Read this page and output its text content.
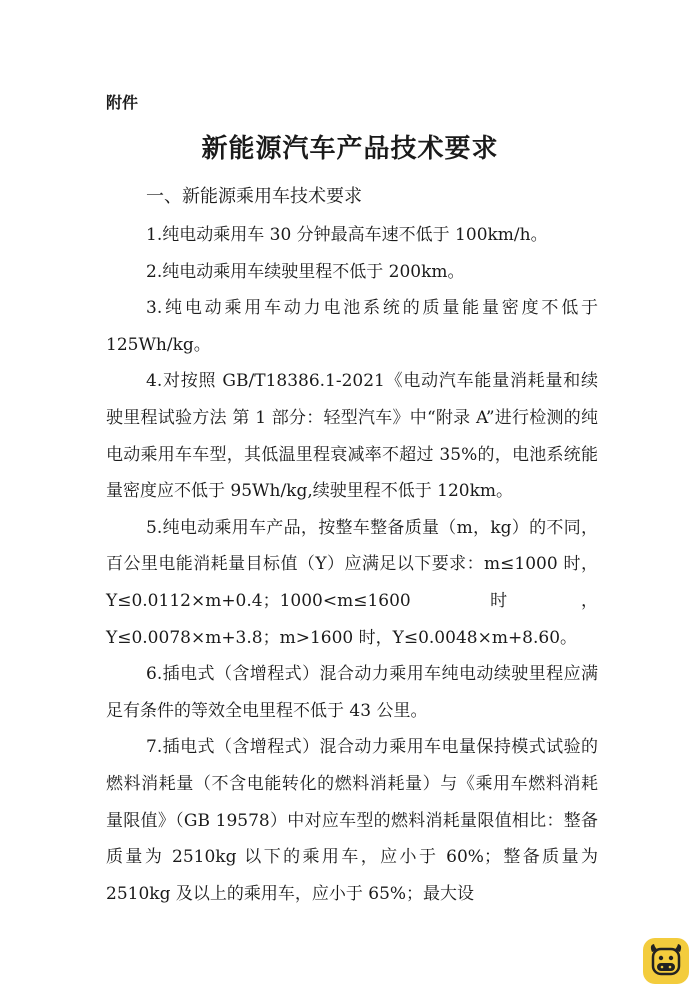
附件
新能源汽车产品技术要求
一、新能源乘用车技术要求

1.纯电动乘用车 30 分钟最高车速不低于 100km/h。

2.纯电动乘用车续驶里程不低于 200km。

3.纯电动乘用车动力电池系统的质量能量密度不低于 125Wh/kg。

4.对按照 GB/T18386.1-2021《电动汽车能量消耗量和续驶里程试验方法 第 1 部分：轻型汽车》中“附录 A”进行检测的纯电动乘用车车型，其低温里程衰减率不超过 35%的，电池系统能量密度应不低于 95Wh/kg,续驶里程不低于 120km。

5.纯电动乘用车产品，按整车整备质量（m，kg）的不同，百公里电能消耗量目标值（Y）应满足以下要求：m≤1000 时，Y≤0.0112×m+0.4；1000<m≤1600 时，Y≤0.0078×m+3.8；m>1600 时，Y≤0.0048×m+8.60。

6.插电式（含增程式）混合动力乘用车纯电动续驶里程应满足有条件的等效全电里程不低于 43 公里。

7.插电式（含增程式）混合动力乘用车电量保持模式试验的燃料消耗量（不含电能转化的燃料消耗量）与《乘用车燃料消耗量限值》（GB 19578）中对应车型的燃料消耗量限值相比：整备质量为 2510kg 以下的乘用车，应小于 60%；整备质量为 2510kg 及以上的乘用车，应小于 65%；最大设
